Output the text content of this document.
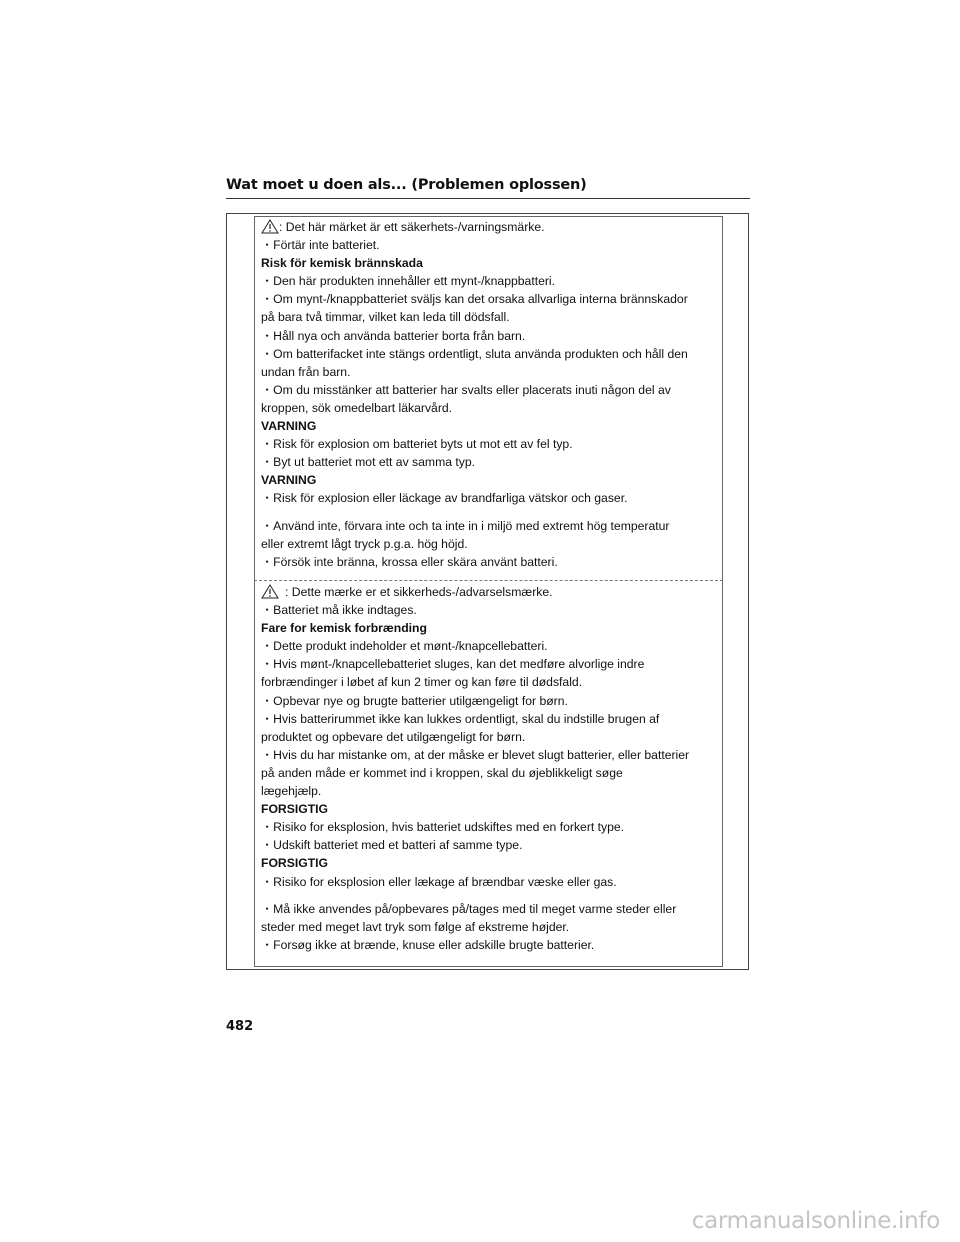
Wat moet u doen als... (Problemen oplossen)
: Det här märket är ett säkerhets-/varningsmärke.
・Förtär inte batteriet.
Risk för kemisk brännskada
・Den här produkten innehåller ett mynt-/knappbatteri.
・Om mynt-/knappbatteriet sväljs kan det orsaka allvarliga interna brännskador
på bara två timmar, vilket kan leda till dödsfall.
・Håll nya och använda batterier borta från barn.
・Om batterifacket inte stängs ordentligt, sluta använda produkten och håll den
undan från barn.
・Om du misstänker att batterier har svalts eller placerats inuti någon del av
kroppen, sök omedelbart läkarvård.
VARNING
・Risk för explosion om batteriet byts ut mot ett av fel typ.
・Byt ut batteriet mot ett av samma typ.
VARNING
・Risk för explosion eller läckage av brandfarliga vätskor och gaser.
・Använd inte, förvara inte och ta inte in i miljö med extremt hög temperatur
eller extremt lågt tryck p.g.a. hög höjd.
・Försök inte bränna, krossa eller skära använt batteri.
: Dette mærke er et sikkerheds-/advarselsmærke.
・Batteriet må ikke indtages.
Fare for kemisk forbrænding
・Dette produkt indeholder et mønt-/knapcellebatteri.
・Hvis mønt-/knapcellebatteriet sluges, kan det medføre alvorlige indre
forbrændinger i løbet af kun 2 timer og kan føre til dødsfald.
・Opbevar nye og brugte batterier utilgængeligt for børn.
・Hvis batterirummet ikke kan lukkes ordentligt, skal du indstille brugen af
produktet og opbevare det utilgængeligt for børn.
・Hvis du har mistanke om, at der måske er blevet slugt batterier, eller batterier
på anden måde er kommet ind i kroppen, skal du øjeblikkeligt søge
lægehjælp.
FORSIGTIG
・Risiko for eksplosion, hvis batteriet udskiftes med en forkert type.
・Udskift batteriet med et batteri af samme type.
FORSIGTIG
・Risiko for eksplosion eller lækage af brændbar væske eller gas.
・Må ikke anvendes på/opbevares på/tages med til meget varme steder eller
steder med meget lavt tryk som følge af ekstreme højder.
・Forsøg ikke at brænde, knuse eller adskille brugte batterier.
482
carmanualsonline.info
